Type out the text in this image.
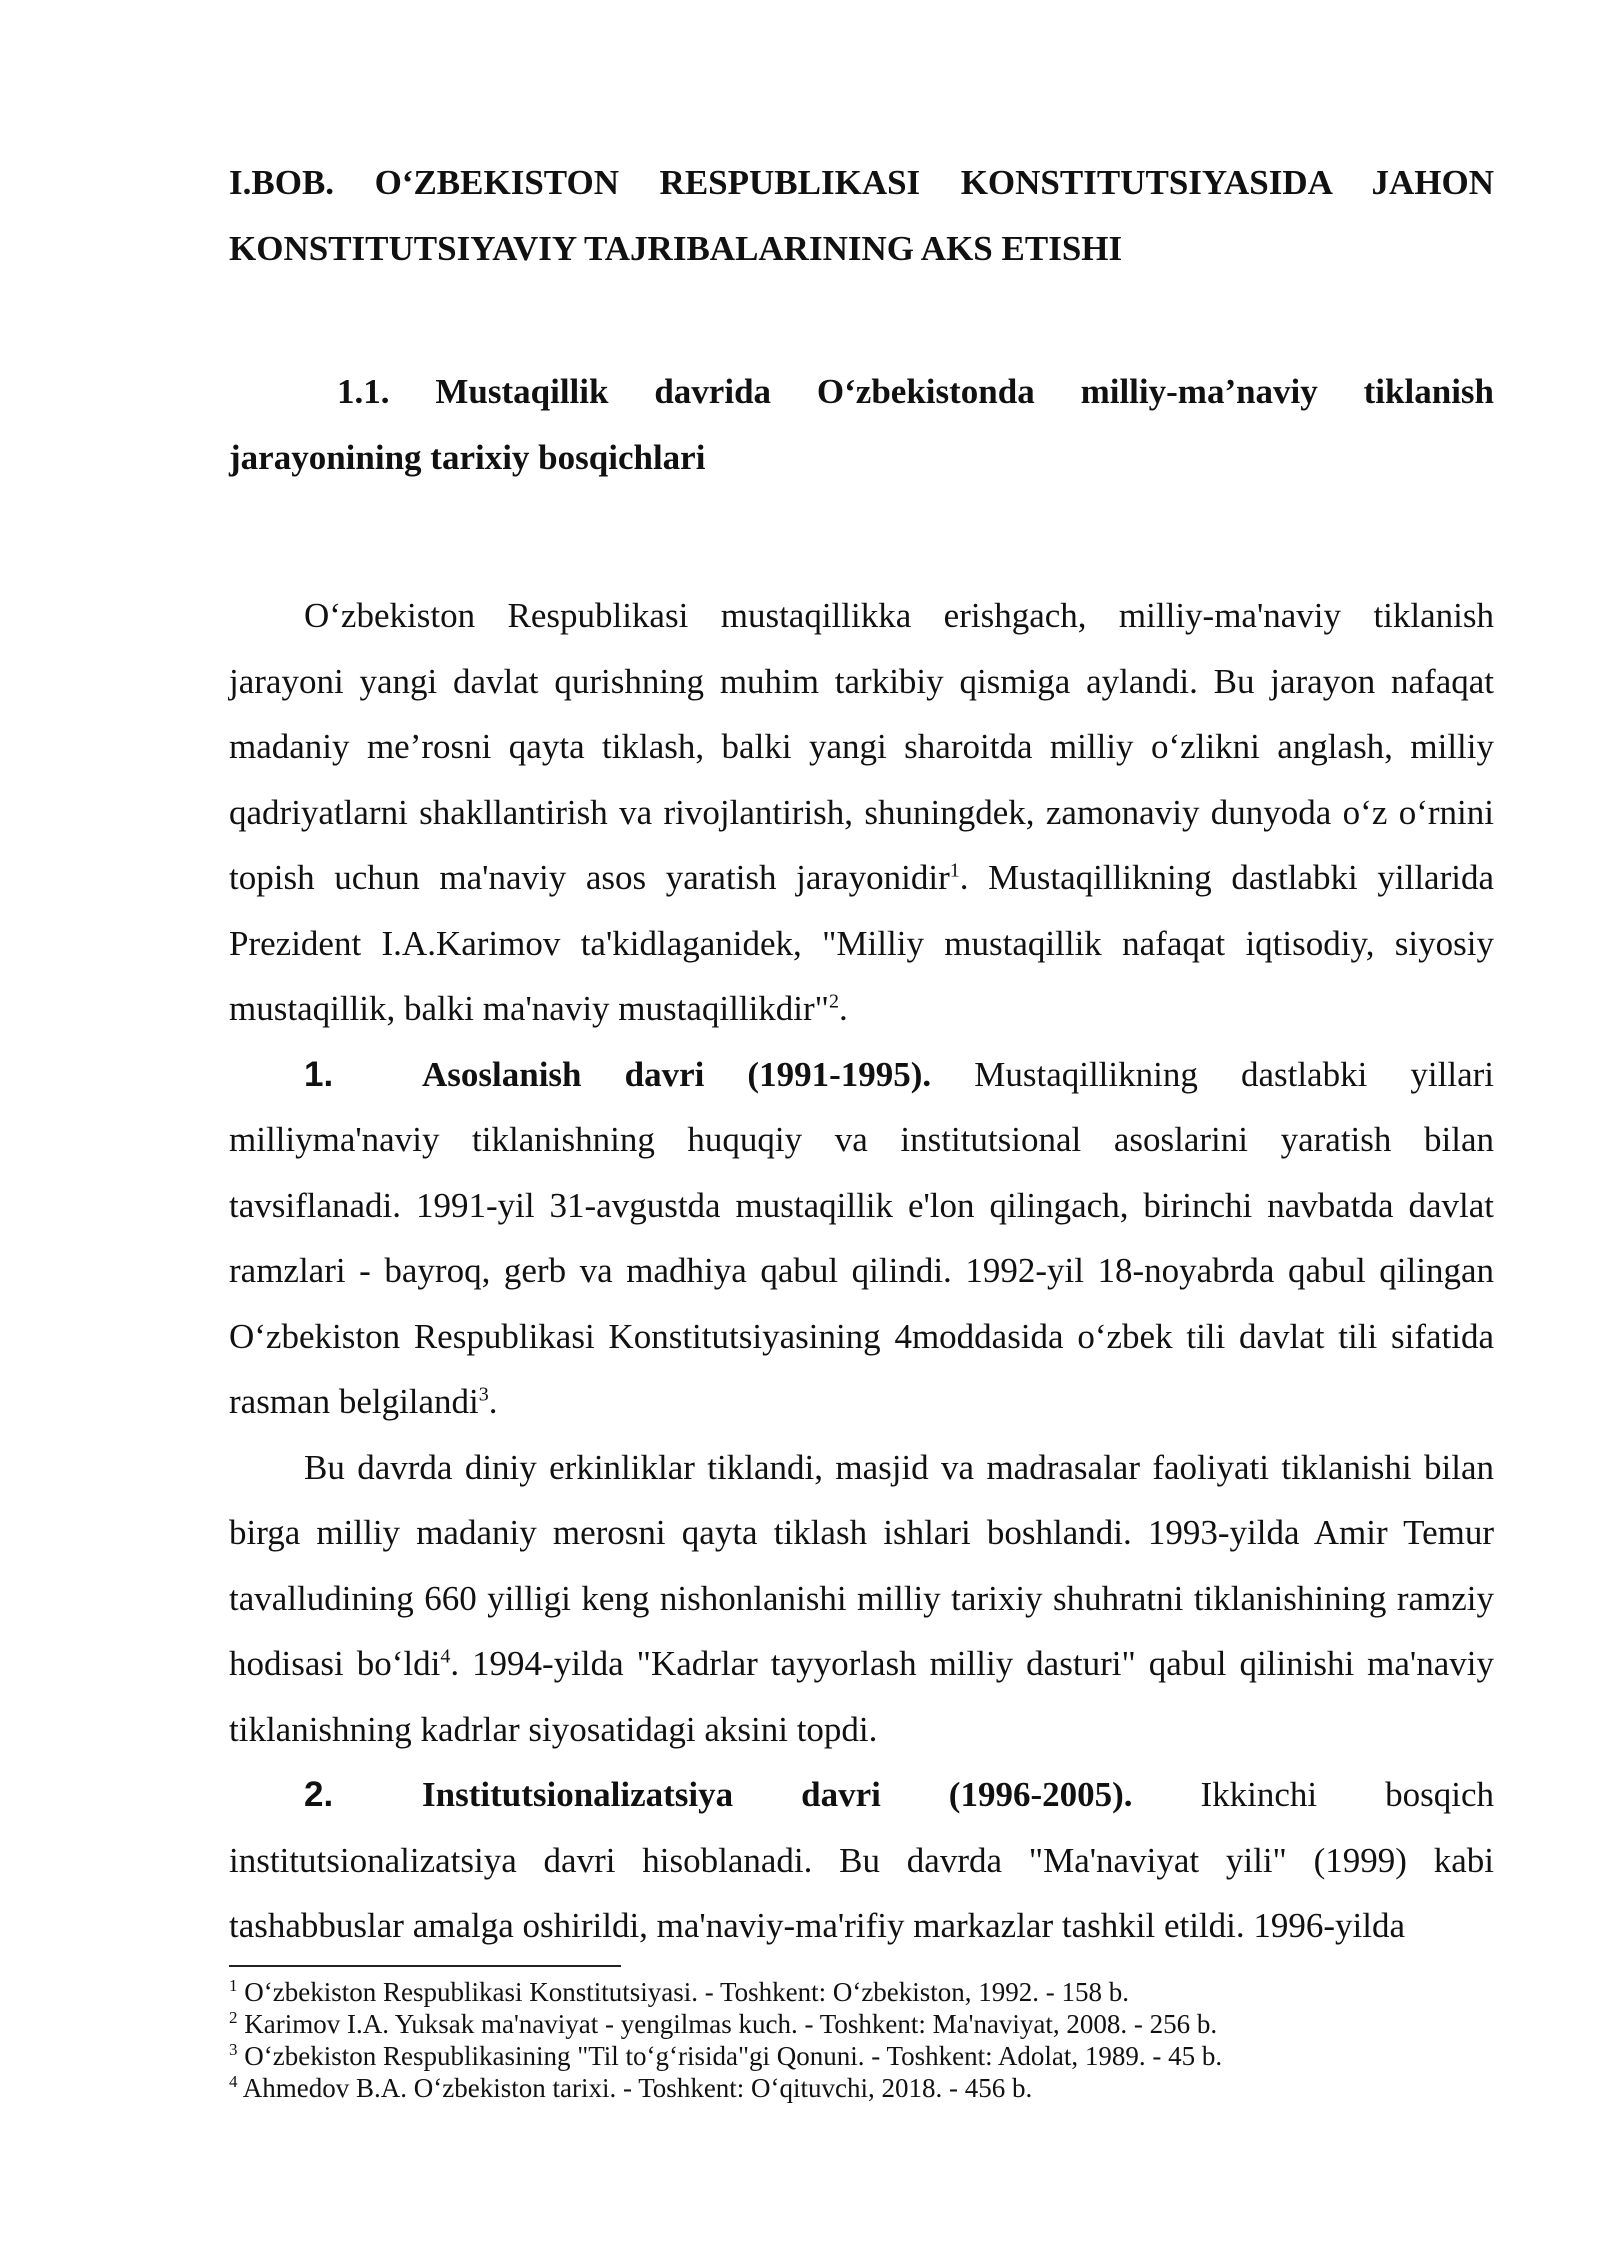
I.BOB. O‘ZBEKISTON RESPUBLIKASI KONSTITUTSIYASIDA JAHON KONSTITUTSIYAVIY TAJRIBALARINING AKS ETISHI
1.1. Mustaqillik davrida O‘zbekistonda milliy-ma’naviy tiklanish jarayonining tarixiy bosqichlari

O‘zbekiston Respublikasi mustaqillikka erishgach, milliy-ma'naviy tiklanish jarayoni yangi davlat qurishning muhim tarkibiy qismiga aylandi. Bu jarayon nafaqat madaniy me’rosni qayta tiklash, balki yangi sharoitda milliy o‘zlikni anglash, milliy qadriyatlarni shakllantirish va rivojlantirish, shuningdek, zamonaviy dunyoda o‘z o‘rnini topish uchun ma'naviy asos yaratish jarayonidir$^1$. Mustaqillikning dastlabki yillarida Prezident I.A.Karimov ta'kidlaganidek, "Milliy mustaqillik nafaqat iqtisodiy, siyosiy mustaqillik, balki ma'naviy mustaqillikdir"$^2$.

1.	Asoslanish davri (1991-1995). Mustaqillikning dastlabki yillari milliyma'naviy tiklanishning huquqiy va institutsional asoslarini yaratish bilan tavsiflanadi. 1991-yil 31-avgustda mustaqillik e'lon qilingach, birinchi navbatda davlat ramzlari - bayroq, gerb va madhiya qabul qilindi. 1992-yil 18-noyabrda qabul qilingan O‘zbekiston Respublikasi Konstitutsiyasining 4moddasida o‘zbek tili davlat tili sifatida rasman belgilandi$^3$.

Bu davrda diniy erkinliklar tiklandi, masjid va madrasalar faoliyati tiklanishi bilan birga milliy madaniy merosni qayta tiklash ishlari boshlandi. 1993-yilda Amir Temur tavalludining 660 yilligi keng nishonlanishi milliy tarixiy shuhratni tiklanishining ramziy hodisasi bo‘ldi$^4$. 1994-yilda "Kadrlar tayyorlash milliy dasturi" qabul qilinishi ma'naviy tiklanishning kadrlar siyosatidagi aksini topdi.

2.	Institutsionalizatsiya davri (1996-2005). Ikkinchi bosqich institutsionalizatsiya davri hisoblanadi. Bu davrda "Ma'naviyat yili" (1999) kabi tashabbuslar amalga oshirildi, ma'naviy-ma'rifiy markazlar tashkil etildi. 1996-yilda

$^1$ O‘zbekiston Respublikasi Konstitutsiyasi. - Toshkent: O‘zbekiston, 1992. - 158 b.

$^2$ Karimov I.A. Yuksak ma'naviyat - yengilmas kuch. - Toshkent: Ma'naviyat, 2008. - 256 b.

$^3$ O‘zbekiston Respublikasining "Til to‘g‘risida"gi Qonuni. - Toshkent: Adolat, 1989. - 45 b.

$^4$ Ahmedov B.A. O‘zbekiston tarixi. - Toshkent: O‘qituvchi, 2018. - 456 b.
